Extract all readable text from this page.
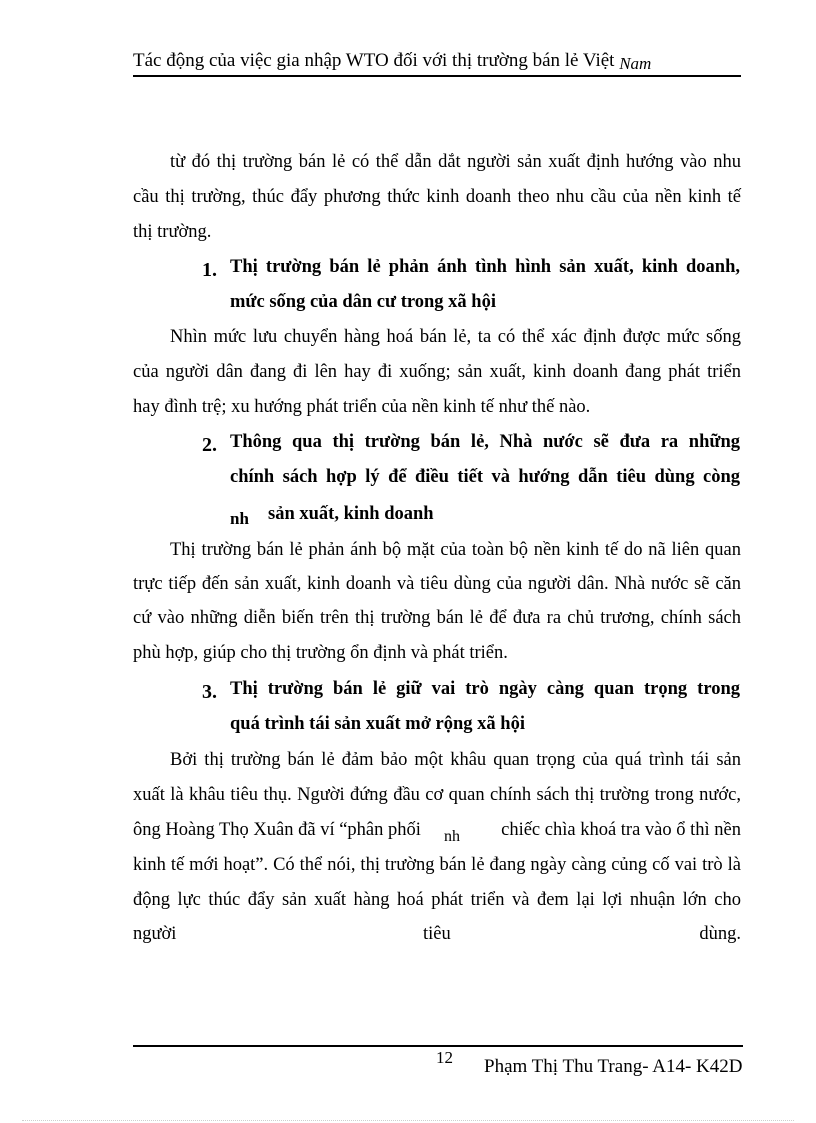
Tác động của việc gia nhập WTO đối với thị trường bán lẻ Việt Nam
từ đó thị trường bán lẻ có thể dẫn dắt người sản xuất định hướng vào nhu
cầu thị trường, thúc đẩy phương thức kinh doanh theo nhu cầu của nền kinh tế
thị trường.
1. Thị trường bán lẻ phản ánh tình hình sản xuất, kinh doanh,
mức sống của dân cư trong xã hội
Nhìn mức lưu chuyển hàng hoá bán lẻ, ta có thể xác định được mức sống
của người dân đang đi lên hay đi xuống; sản xuất, kinh doanh đang phát triển
hay đình trệ; xu hướng phát triển của nền kinh tế như thế nào.
2. Thông qua thị trường bán lẻ, Nhà nước sẽ đưa ra những
chính sách hợp lý để điều tiết và hướng dẫn tiêu dùng còng
nh sản xuất, kinh doanh
Thị trường bán lẻ phản ánh bộ mặt của toàn bộ nền kinh tế do nã liên quan
trực tiếp đến sản xuất, kinh doanh và tiêu dùng của người dân. Nhà nước sẽ căn
cứ vào những diễn biến trên thị trường bán lẻ để đưa ra chủ trương, chính sách
phù hợp, giúp cho thị trường ổn định và phát triển.
3. Thị trường bán lẻ giữ vai trò ngày càng quan trọng trong
quá trình tái sản xuất mở rộng xã hội
Bởi thị trường bán lẻ đảm bảo một khâu quan trọng của quá trình tái sản
xuất là khâu tiêu thụ. Người đứng đầu cơ quan chính sách thị trường trong nước,
ông Hoàng Thọ Xuân đã ví “phân phối	nh	chiếc chìa khoá tra vào ổ thì nền
kinh tế mới hoạt”. Có thể nói, thị trường bán lẻ đang ngày càng củng cố vai trò là
động lực thúc đẩy sản xuất hàng hoá phát triển và đem lại lợi nhuận lớn cho
người	tiêu	dùng.
12 Phạm Thị Thu Trang- A14- K42D
